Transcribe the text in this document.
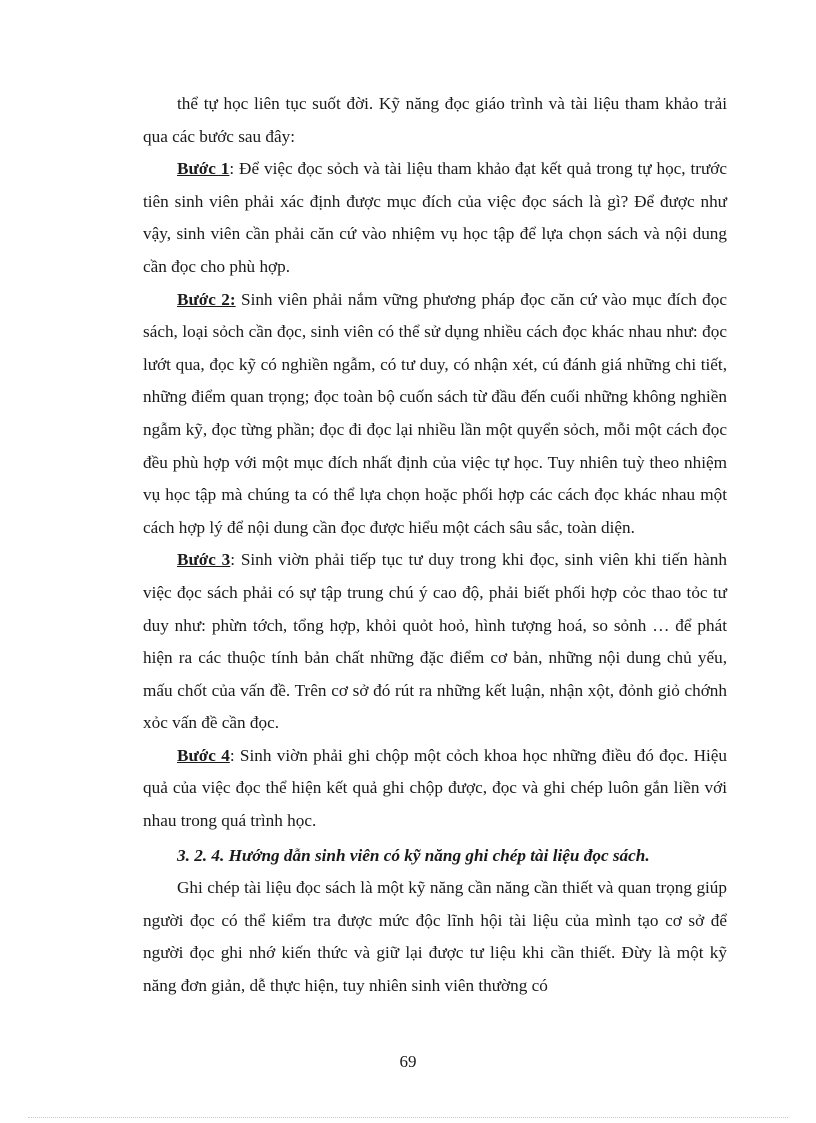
thể tự học liên tục suốt đời. Kỹ năng đọc giáo trình và tài liệu tham khảo trải qua các bước sau đây:

Bước 1: Để việc đọc sỏch và tài liệu tham khảo đạt kết quả trong tự học, trước tiên sinh viên phải xác định được mục đích của việc đọc sách là gì? Để được như vậy, sinh viên cần phải căn cứ vào nhiệm vụ học tập để lựa chọn sách và nội dung cần đọc cho phù hợp.

Bước 2: Sinh viên phải nắm vững phương pháp đọc căn cứ vào mục đích đọc sách, loại sỏch cần đọc, sinh viên có thể sử dụng nhiều cách đọc khác nhau như: đọc lướt qua, đọc kỹ có nghiền ngẫm, có tư duy, có nhận xét, cú đánh giá những chi tiết, những điểm quan trọng; đọc toàn bộ cuốn sách từ đầu đến cuối những không nghiền ngẫm kỹ, đọc từng phần; đọc đi đọc lại nhiều lần một quyển sỏch, mỗi một cách đọc đều phù hợp với một mục đích nhất định của việc tự học. Tuy nhiên tuỳ theo nhiệm vụ học tập mà chúng ta có thể lựa chọn hoặc phối hợp các cách đọc khác nhau một cách hợp lý để nội dung cần đọc được hiểu một cách sâu sắc, toàn diện.

Bước 3: Sinh viờn phải tiếp tục tư duy trong khi đọc, sinh viên khi tiến hành việc đọc sách phải có sự tập trung chú ý cao độ, phải biết phối hợp cỏc thao tỏc tư duy như: phừn tớch, tổng hợp, khỏi quỏt hoỏ, hình tượng hoá, so sỏnh … để phát hiện ra các thuộc tính bản chất những đặc điểm cơ bản, những nội dung chủ yếu, mấu chốt của vấn đề. Trên cơ sở đó rút ra những kết luận, nhận xột, đỏnh giỏ chớnh xỏc vấn đề cần đọc.

Bước 4: Sinh viờn phải ghi chộp một cỏch khoa học những điều đó đọc. Hiệu quả của việc đọc thể hiện kết quả ghi chộp được, đọc và ghi chép luôn gắn liền với nhau trong quá trình học.

3. 2. 4. Hướng dẫn sinh viên có kỹ năng ghi chép tài liệu đọc sách.

Ghi chép tài liệu đọc sách là một kỹ năng cần năng cần thiết và quan trọng giúp người đọc có thể kiểm tra được mức độc lĩnh hội tài liệu của mình tạo cơ sở để người đọc ghi nhớ kiến thức và giữ lại được tư liệu khi cần thiết. Đừy là một kỹ năng đơn giản, dễ thực hiện, tuy nhiên sinh viên thường có

69
